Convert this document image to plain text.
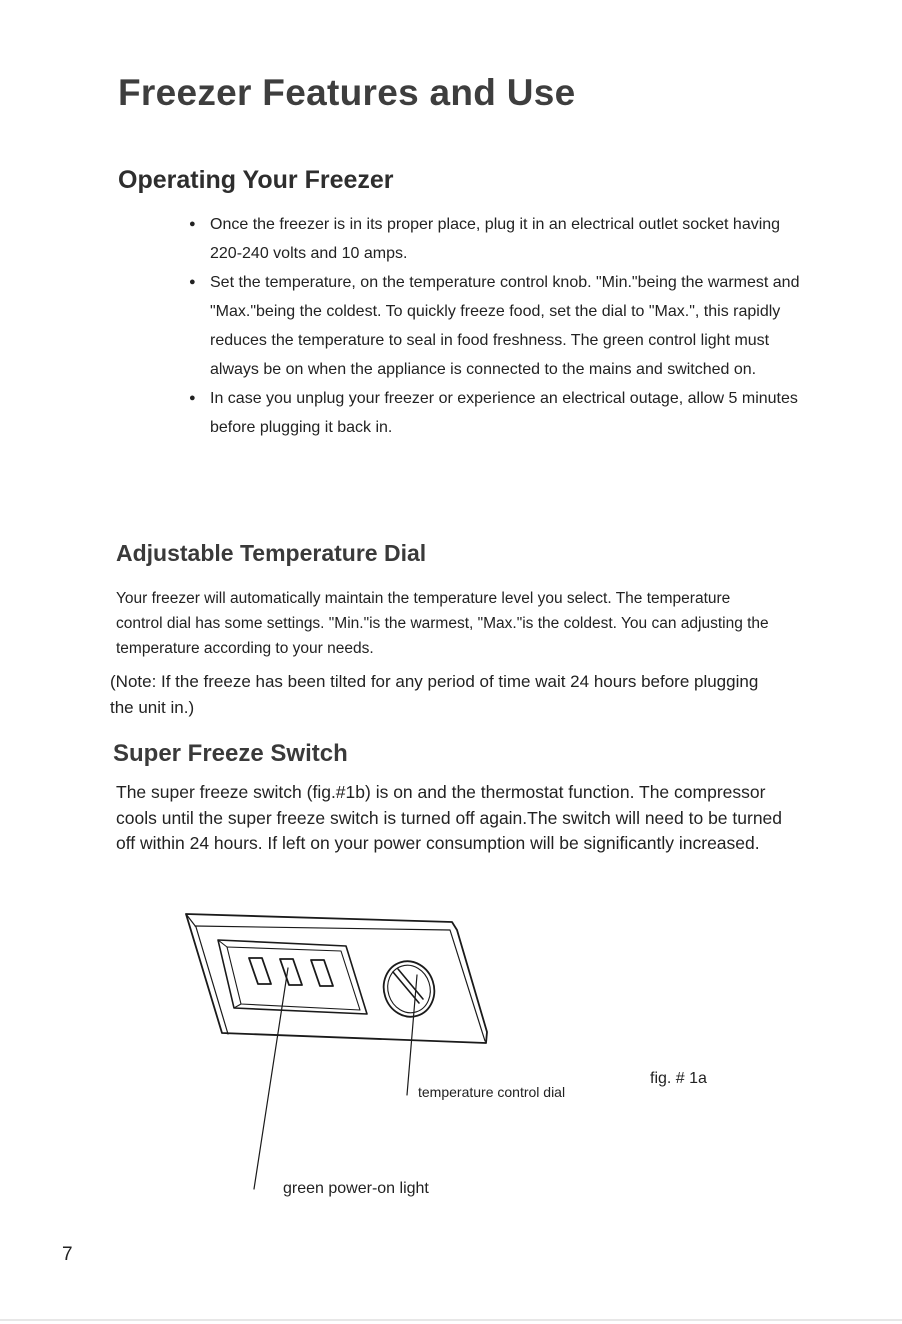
Freezer Features and Use
Operating Your Freezer
● Once the freezer is in its proper place, plug it in an electrical outlet socket having 220-240 volts and 10 amps.
● Set the temperature, on the temperature control knob. "Min."being the warmest and "Max."being the coldest. To quickly freeze food, set the dial to "Max.", this rapidly reduces the temperature to seal in food freshness. The green control light must always be on when the appliance is connected to the mains and switched on.
● In case you unplug your freezer or experience an electrical outage, allow 5 minutes before plugging it back in.
Adjustable Temperature Dial
Your freezer will automatically maintain the temperature level you select. The temperature control dial has some settings. "Min."is the warmest, "Max."is the coldest. You can adjusting the temperature according to your needs.
(Note: If the freeze has been tilted for any period of time wait 24 hours before plugging the unit in.)
Super Freeze Switch
The super freeze switch (fig.#1b) is on and the thermostat function. The compressor cools until the super freeze switch is turned off again.The switch will need to be turned off within 24 hours. If left on your power consumption will be significantly increased.
temperature control dial
fig. # 1a
green power-on light
7
